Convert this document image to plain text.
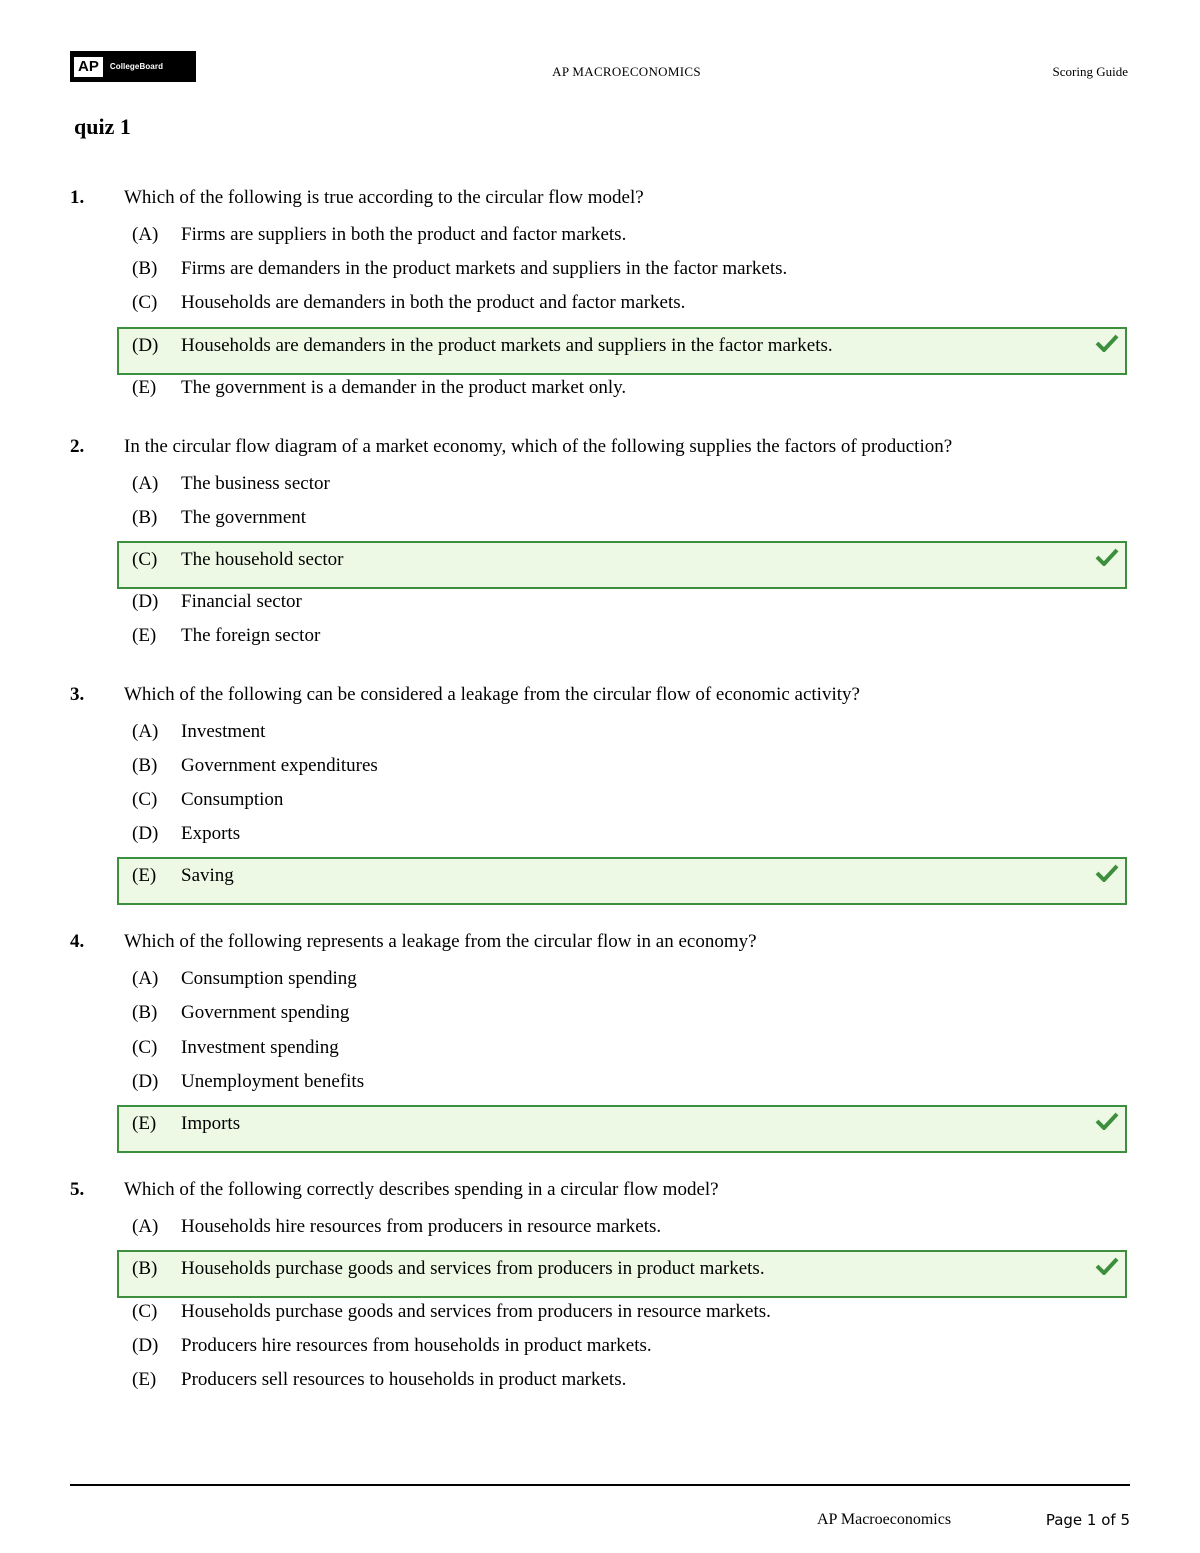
AP	CollegeBoard	AP MACROECONOMICS	Scoring Guide
quiz 1
1. Which of the following is true according to the circular flow model?
(A) Firms are suppliers in both the product and factor markets.
(B) Firms are demanders in the product markets and suppliers in the factor markets.
(C) Households are demanders in both the product and factor markets.
(D) Households are demanders in the product markets and suppliers in the factor markets.
(E) The government is a demander in the product market only.
2. In the circular flow diagram of a market economy, which of the following supplies the factors of production?
(A) The business sector
(B) The government
(C) The household sector
(D) Financial sector
(E) The foreign sector
3. Which of the following can be considered a leakage from the circular flow of economic activity?
(A) Investment
(B) Government expenditures
(C) Consumption
(D) Exports
(E) Saving
4. Which of the following represents a leakage from the circular flow in an economy?
(A) Consumption spending
(B) Government spending
(C) Investment spending
(D) Unemployment benefits
(E) Imports
5. Which of the following correctly describes spending in a circular flow model?
(A) Households hire resources from producers in resource markets.
(B) Households purchase goods and services from producers in product markets.
(C) Households purchase goods and services from producers in resource markets.
(D) Producers hire resources from households in product markets.
(E) Producers sell resources to households in product markets.
AP Macroeconomics	Page 1 of 5
